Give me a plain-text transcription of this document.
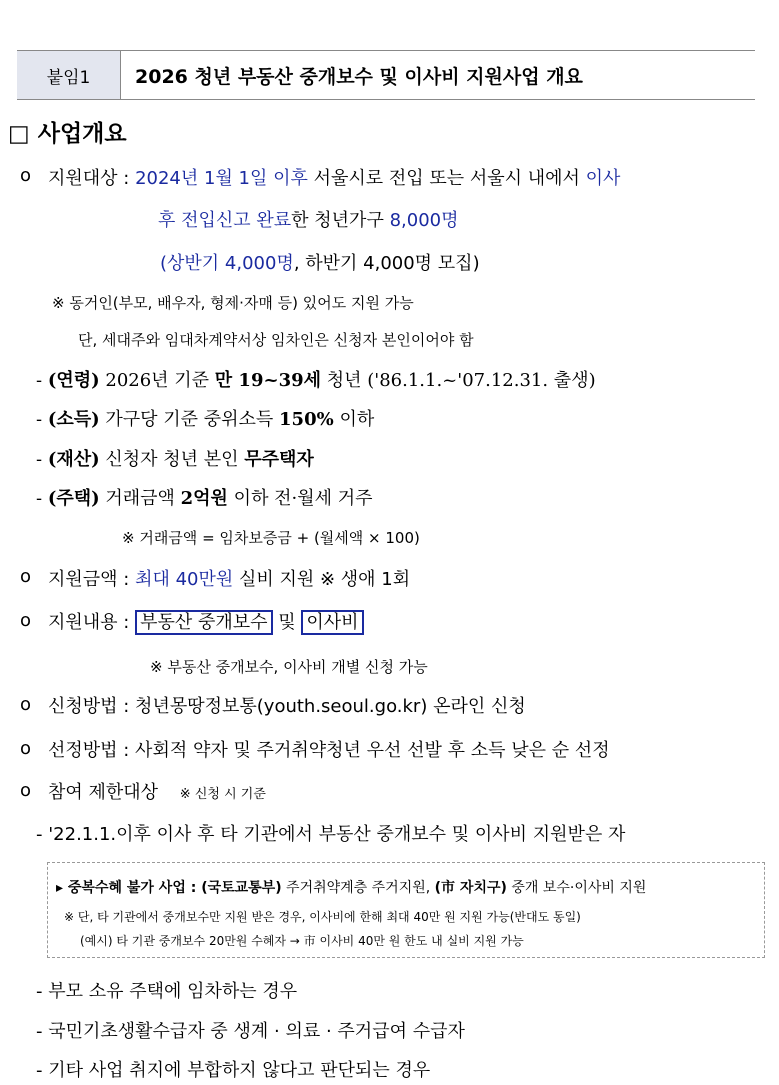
붙임1	2026 청년 부동산 중개보수 및 이사비 지원사업 개요
□ 사업개요
o 지원대상 : 2024년 1월 1일 이후 서울시로 전입 또는 서울시 내에서 이사
후 전입신고 완료한 청년가구 8,000명
(상반기 4,000명, 하반기 4,000명 모집)
※ 동거인(부모, 배우자, 형제·자매 등) 있어도 지원 가능
단, 세대주와 임대차계약서상 임차인은 신청자 본인이어야 함
- (연령) 2026년 기준 만 19~39세 청년 ('86.1.1.~'07.12.31. 출생)
- (소득) 가구당 기준 중위소득 150% 이하
- (재산) 신청자 청년 본인 무주택자
- (주택) 거래금액 2억원 이하 전·월세 거주
※ 거래금액 = 임차보증금 + (월세액 × 100)
o 지원금액 : 최대 40만원 실비 지원 ※ 생애 1회
o 지원내용 : 부동산 중개보수 및 이사비
※ 부동산 중개보수, 이사비 개별 신청 가능
o 신청방법 : 청년몽땅정보통(youth.seoul.go.kr) 온라인 신청
o 선정방법 : 사회적 약자 및 주거취약청년 우선 선발 후 소득 낮은 순 선정
o 참여 제한대상 ※ 신청 시 기준
- '22.1.1.이후 이사 후 타 기관에서 부동산 중개보수 및 이사비 지원받은 자
▸ 중복수혜 불가 사업 : (국토교통부) 주거취약계층 주거지원, (市 자치구) 중개 보수·이사비 지원
※ 단, 타 기관에서 중개보수만 지원 받은 경우, 이사비에 한해 최대 40만 원 지원 가능(반대도 동일)
(예시) 타 기관 중개보수 20만원 수혜자 → 市 이사비 40만 원 한도 내 실비 지원 가능
- 부모 소유 주택에 임차하는 경우
- 국민기초생활수급자 중 생계 · 의료 · 주거급여 수급자
- 기타 사업 취지에 부합하지 않다고 판단되는 경우
